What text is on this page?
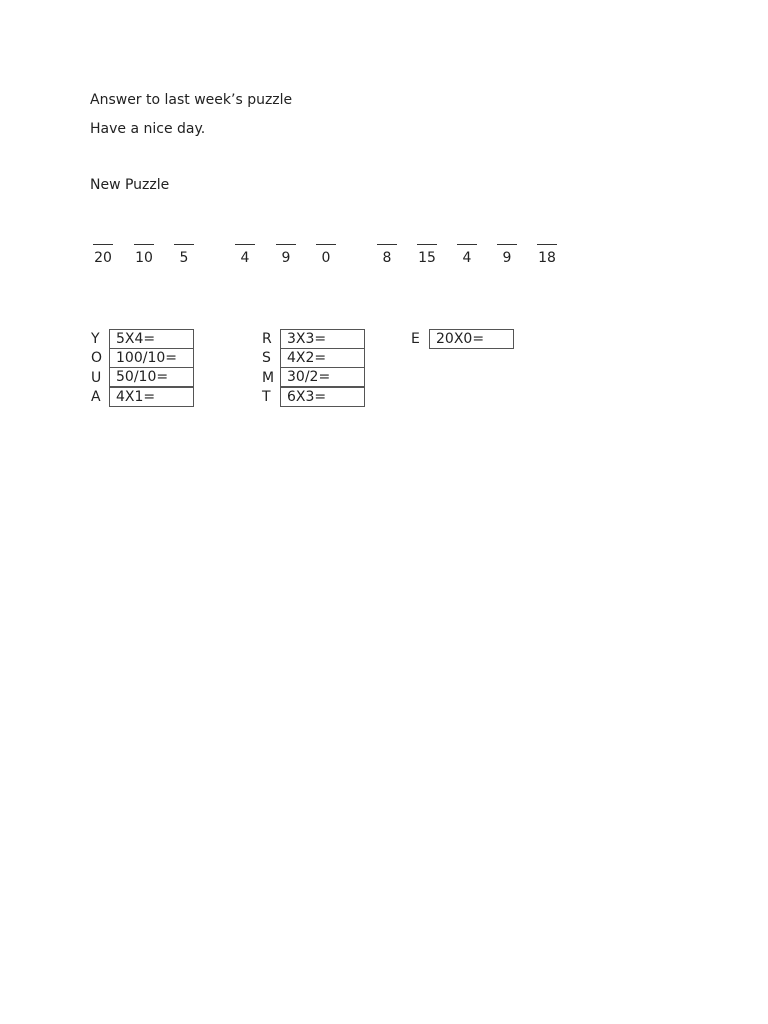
Answer to last week’s puzzle
Have a nice day.
New Puzzle
20 10	5	4	9	0	8	15	4	9	18
Y	5X4=
O 100/10=
U	50/10=
A	4X1=
R	3X3=
S	4X2=
M 30/2=
T	6X3=
E	20X0=
